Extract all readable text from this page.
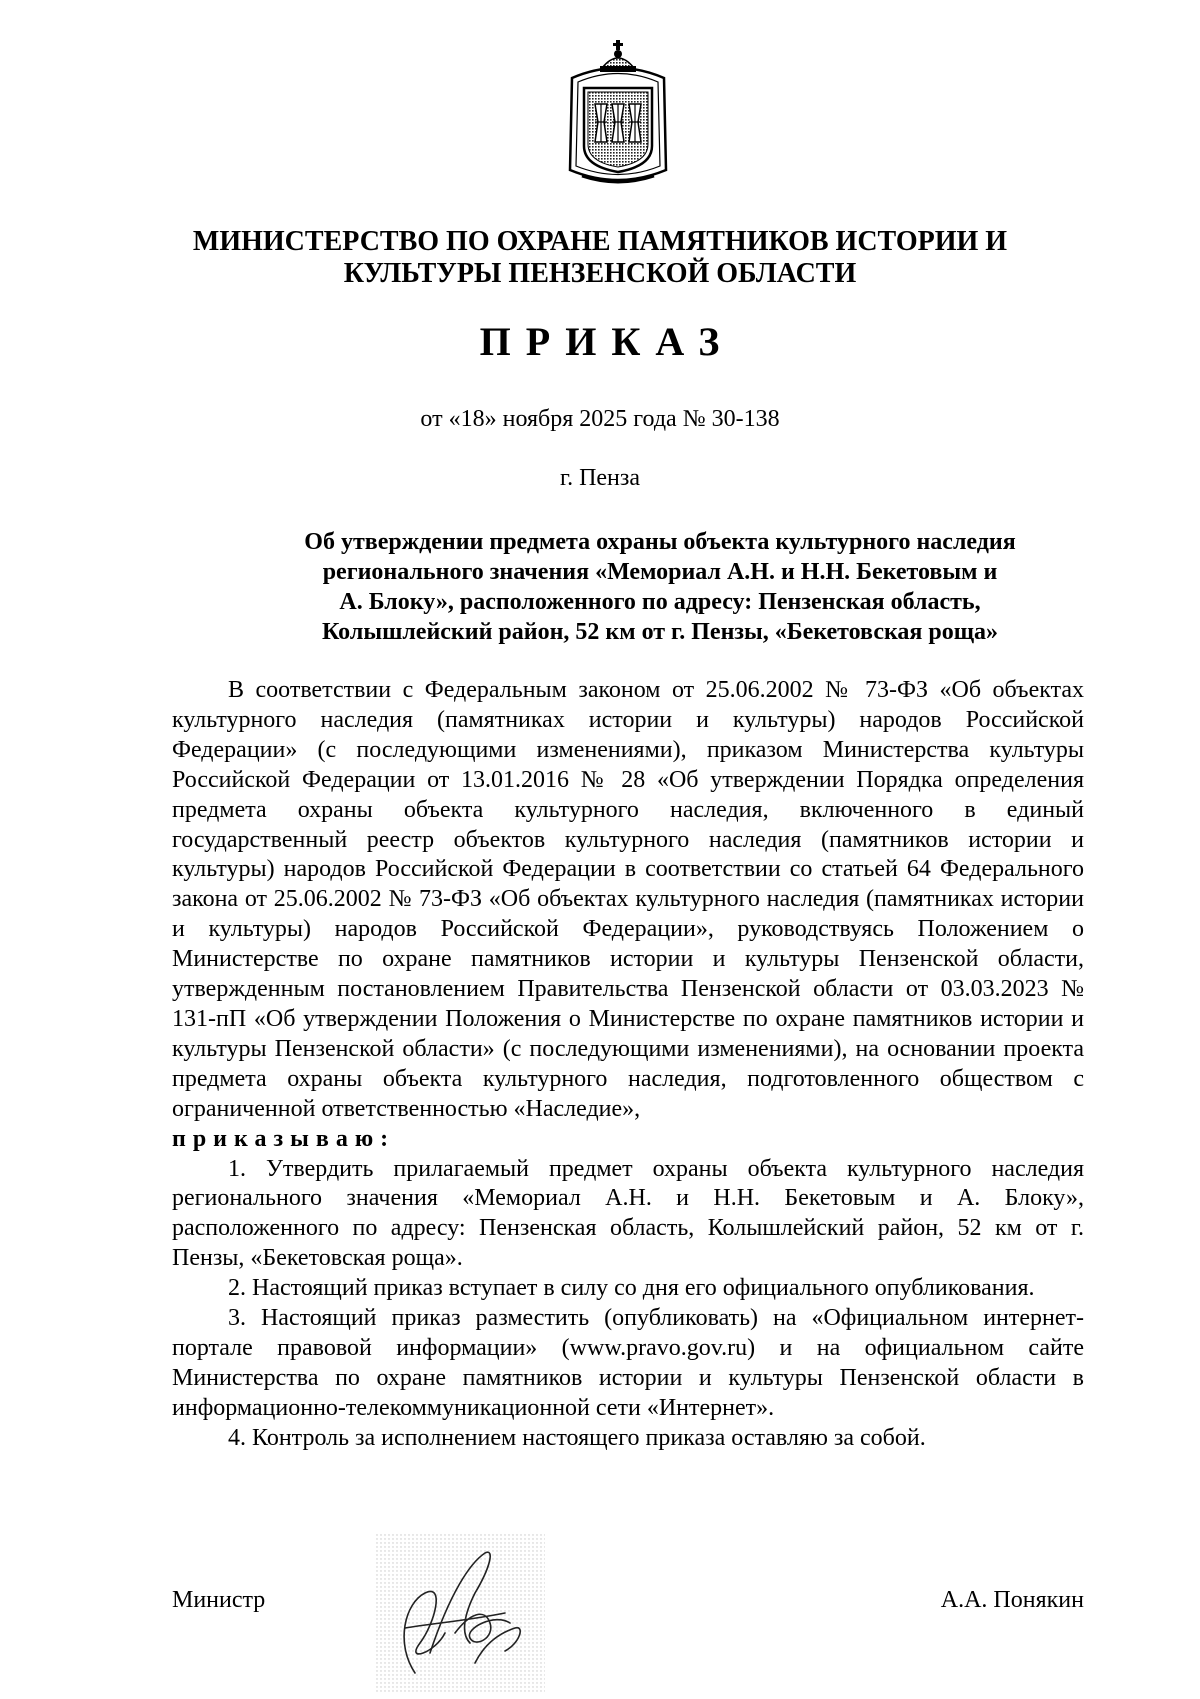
МИНИСТЕРСТВО ПО ОХРАНЕ ПАМЯТНИКОВ ИСТОРИИ И
КУЛЬТУРЫ ПЕНЗЕНСКОЙ ОБЛАСТИ
ПРИКАЗ
от «18» ноября 2025 года № 30-138
г. Пенза
Об утверждении предмета охраны объекта культурного наследия
регионального значения «Мемориал А.Н. и Н.Н. Бекетовым и
А. Блоку», расположенного по адресу: Пензенская область,
Колышлейский район, 52 км от г. Пензы, «Бекетовская роща»

В соответствии с Федеральным законом от 25.06.2002 № 73-ФЗ «Об объектах культурного наследия (памятниках истории и культуры) народов Российской Федерации» (с последующими изменениями), приказом Министерства культуры Российской Федерации от 13.01.2016 № 28 «Об утверждении Порядка определения предмета охраны объекта культурного наследия, включенного в единый государственный реестр объектов культурного наследия (памятников истории и культуры) народов Российской Федерации в соответствии со статьей 64 Федерального закона от 25.06.2002 № 73-ФЗ «Об объектах культурного наследия (памятниках истории и культуры) народов Российской Федерации», руководствуясь Положением о Министерстве по охране памятников истории и культуры Пензенской области, утвержденным постановлением Правительства Пензенской области от 03.03.2023 № 131-пП «Об утверждении Положения о Министерстве по охране памятников истории и культуры Пензенской области» (с последующими изменениями), на основании проекта предмета охраны объекта культурного наследия, подготовленного обществом с ограниченной ответственностью «Наследие»,

приказываю:

1. Утвердить прилагаемый предмет охраны объекта культурного наследия регионального значения «Мемориал А.Н. и Н.Н. Бекетовым и А. Блоку», расположенного по адресу: Пензенская область, Колышлейский район, 52 км от г. Пензы, «Бекетовская роща».

2. Настоящий приказ вступает в силу со дня его официального опубликования.

3. Настоящий приказ разместить (опубликовать) на «Официальном интернет-портале правовой информации» (www.pravo.gov.ru) и на официальном сайте Министерства по охране памятников истории и культуры Пензенской области в информационно-телекоммуникационной сети «Интернет».

4. Контроль за исполнением настоящего приказа оставляю за собой.

Министр	А.А. Понякин
